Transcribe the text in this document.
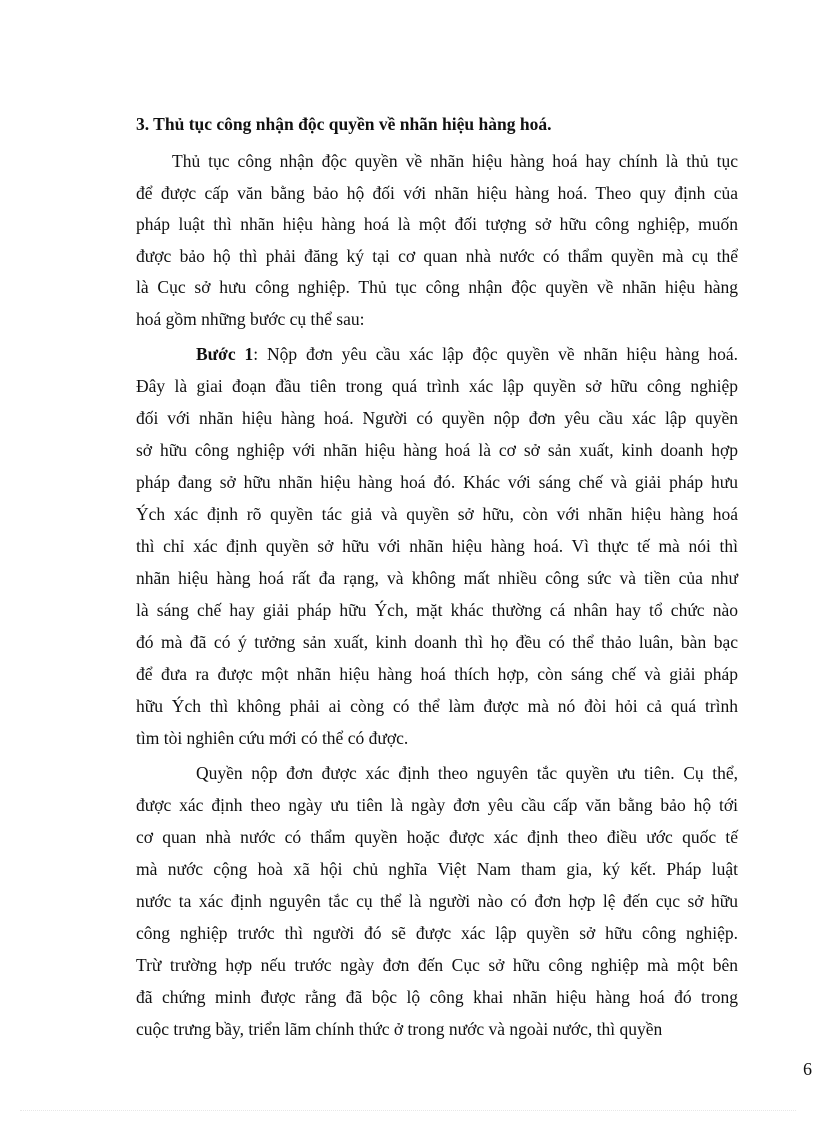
3. Thủ tục công nhận độc quyền về nhãn hiệu hàng hoá.
Thủ tục công nhận độc quyền về nhãn hiệu hàng hoá hay chính là thủ tục
để được cấp văn bằng bảo hộ đối với nhãn hiệu hàng hoá. Theo quy định của
pháp luật thì nhãn hiệu hàng hoá là một đối tượng sở hữu công nghiệp, muốn
được bảo hộ thì phải đăng ký tại cơ quan nhà nước có thẩm quyền mà cụ thể
là Cục sở hưu công nghiệp. Thủ tục công nhận độc quyền về nhãn hiệu hàng
hoá gồm những bước cụ thể sau:
Bước 1: Nộp đơn yêu cầu xác lập độc quyền về nhãn hiệu hàng hoá.
Đây là giai đoạn đầu tiên trong quá trình xác lập quyền sở hữu công nghiệp
đối với nhãn hiệu hàng hoá. Người có quyền nộp đơn yêu cầu xác lập quyền
sở hữu công nghiệp với nhãn hiệu hàng hoá là cơ sở sản xuất, kinh doanh hợp
pháp đang sở hữu nhãn hiệu hàng hoá đó. Khác với sáng chế và giải pháp hưu
Ých xác định rõ quyền tác giả và quyền sở hữu, còn với nhãn hiệu hàng hoá
thì chỉ xác định quyền sở hữu với nhãn hiệu hàng hoá. Vì thực tế mà nói thì
nhãn hiệu hàng hoá rất đa rạng, và không mất nhiều công sức và tiền của như
là sáng chế hay giải pháp hữu Ých, mặt khác thường cá nhân hay tổ chức nào
đó mà đã có ý tưởng sản xuất, kinh doanh thì họ đều có thể thảo luân, bàn bạc
để đưa ra được một nhãn hiệu hàng hoá thích hợp, còn sáng chế và giải pháp
hữu Ých thì không phải ai còng có thể làm được mà nó đòi hỏi cả quá trình
tìm tòi nghiên cứu mới có thể có được.
Quyền nộp đơn được xác định theo nguyên tắc quyền ưu tiên. Cụ thể,
được xác định theo ngày ưu tiên là ngày đơn yêu cầu cấp văn bằng bảo hộ tới
cơ quan nhà nước có thẩm quyền hoặc được xác định theo điều ước quốc tế
mà nước cộng hoà xã hội chủ nghĩa Việt Nam tham gia, ký kết. Pháp luật
nước ta xác định nguyên tắc cụ thể là người nào có đơn hợp lệ đến cục sở hữu
công nghiệp trước thì người đó sẽ được xác lập quyền sở hữu công nghiệp.
Trừ trường hợp nếu trước ngày đơn đến Cục sở hữu công nghiệp mà một bên
đã chứng minh được rằng đã bộc lộ công khai nhãn hiệu hàng hoá đó trong
cuộc trưng bầy, triển lãm chính thức ở trong nước và ngoài nước, thì quyền
6
